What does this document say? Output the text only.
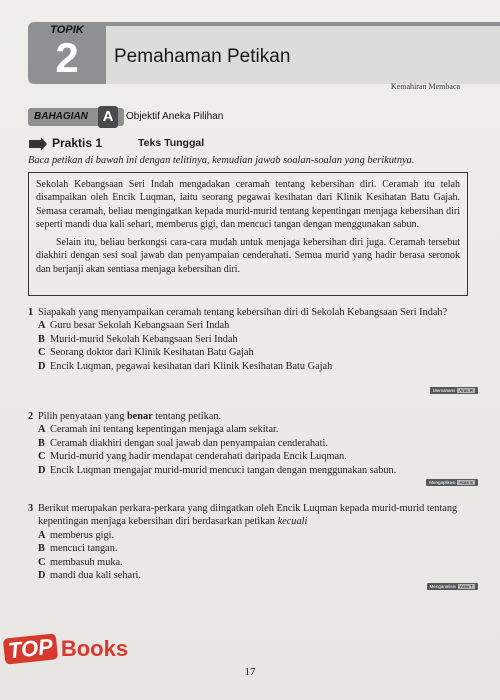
TOPIK
2	Pemahaman Petikan
Kemahiran Membaca
BAHAGIAN A	Objektif Aneka Pilihan
Praktis 1	Teks Tunggal
Baca petikan di bawah ini dengan telitinya, kemudian jawab soalan-soalan yang berikutnya.

Sekolah Kebangsaan Seri Indah mengadakan ceramah tentang kebersihan diri. Ceramah itu telah disampaikan oleh Encik Luqman, iaitu seorang pegawai kesihatan dari Klinik Kesihatan Batu Gajah. Semasa ceramah, beliau mengingatkan kepada murid-murid tentang kepentingan menjaga kebersihan diri seperti mandi dua kali sehari, memberus gigi, dan mencuci tangan dengan menggunakan sabun.

Selain itu, beliau berkongsi cara-cara mudah untuk menjaga kebersihan diri juga. Ceramah tersebut diakhiri dengan sesi soal jawab dan penyampaian cenderahati. Semua murid yang hadir berasa seronok dan berjanji akan sentiasa menjaga kebersihan diri.

1 Siapakah yang menyampaikan ceramah tentang kebersihan diri di Sekolah Kebangsaan Seri Indah?
A Guru besar Sekolah Kebangsaan Seri Indah
B Murid-murid Sekolah Kebangsaan Seri Indah
C Seorang doktor dari Klinik Kesihatan Batu Gajah
D Encik Luqman, pegawai kesihatan dari Klinik Kesihatan Batu Gajah
Memahami Aras R
2 Pilih penyataan yang benar tentang petikan.
A Ceramah ini tentang kepentingan menjaga alam sekitar.
B Ceramah diakhiri dengan soal jawab dan penyampaian cenderahati.
C Murid-murid yang hadir mendapat cenderahati daripada Encik Luqman.
D Encik Luqman mengajar murid-murid mencuci tangan dengan menggunakan sabun.
Mengaplikasi Aras S
3 Berikut merupakan perkara-perkara yang diingatkan oleh Encik Luqman kepada murid-murid tentang kepentingan menjaga kebersihan diri berdasarkan petikan kecuali
A memberus gigi.
B mencuci tangan.
C membasuh muka.
D mandi dua kali sehari.
Menganalisis Aras T
TOP Books
17
